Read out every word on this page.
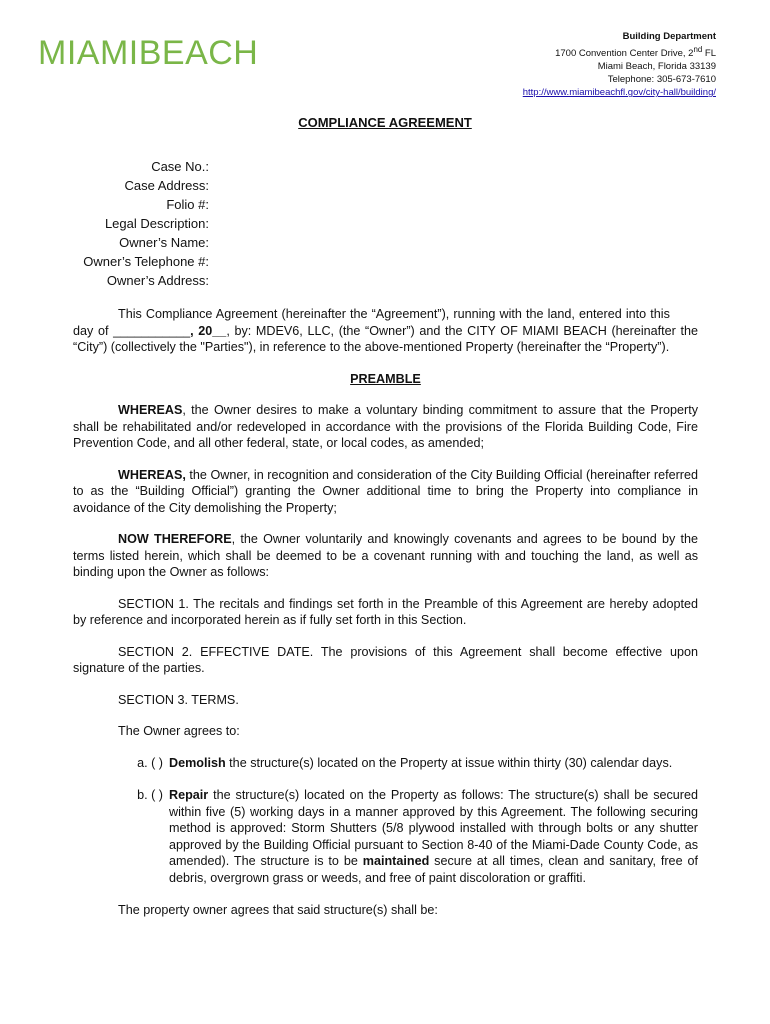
MIAMIBEACH	Building Department
1700 Convention Center Drive, 2nd FL
Miami Beach, Florida 33139
Telephone: 305-673-7610
http://www.miamibeachfl.gov/city-hall/building/
COMPLIANCE AGREEMENT
Case No.:
Case Address:
Folio #:
Legal Description:
Owner’s Name:
Owner’s Telephone #:
Owner’s Address:

This Compliance Agreement (hereinafter the “Agreement”), running with the land, entered into this        day of ___________, 20__, by: MDEV6, LLC, (the “Owner”) and the CITY OF MIAMI BEACH (hereinafter the “City”) (collectively the "Parties"), in reference to the above-mentioned Property (hereinafter the “Property”).

PREAMBLE

WHEREAS, the Owner desires to make a voluntary binding commitment to assure that the Property shall be rehabilitated and/or redeveloped in accordance with the provisions of the Florida Building Code, Fire Prevention Code, and all other federal, state, or local codes, as amended;

WHEREAS, the Owner, in recognition and consideration of the City Building Official (hereinafter referred to as the “Building Official”) granting the Owner additional time to bring the Property into compliance in avoidance of the City demolishing the Property;

NOW THEREFORE, the Owner voluntarily and knowingly covenants and agrees to be bound by the terms listed herein, which shall be deemed to be a covenant running with and touching the land, as well as binding upon the Owner as follows:

SECTION 1. The recitals and findings set forth in the Preamble of this Agreement are hereby adopted by reference and incorporated herein as if fully set forth in this Section.

SECTION 2. EFFECTIVE DATE. The provisions of this Agreement shall become effective upon signature of the parties.

SECTION 3. TERMS.

The Owner agrees to:

a. ( ) Demolish the structure(s) located on the Property at issue within thirty (30) calendar days.
b. ( ) Repair the structure(s) located on the Property as follows: The structure(s) shall be secured within five (5) working days in a manner approved by this Agreement. The following securing method is approved: Storm Shutters (5/8 plywood installed with through bolts or any shutter approved by the Building Official pursuant to Section 8-40 of the Miami-Dade County Code, as amended). The structure is to be maintained secure at all times, clean and sanitary, free of debris, overgrown grass or weeds, and free of paint discoloration or graffiti.

The property owner agrees that said structure(s) shall be:
